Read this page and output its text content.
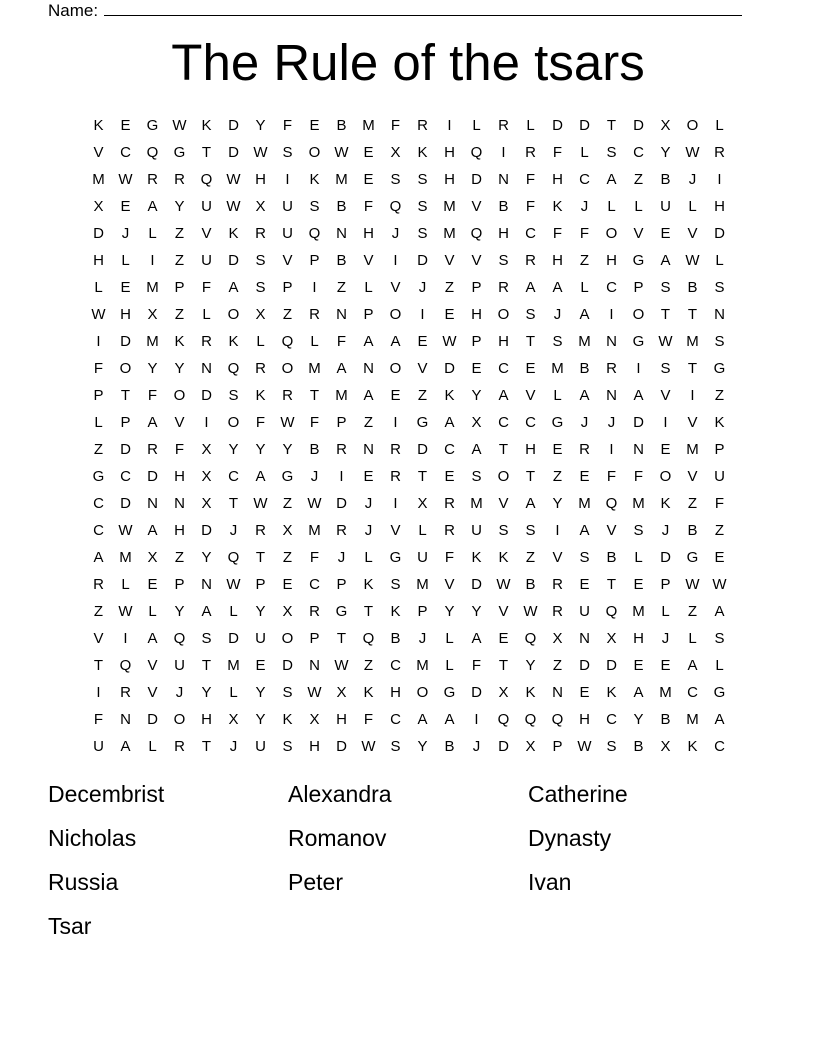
Name:
The Rule of the tsars
K	E	G W K	D	Y	F	E	B	M	F	R	I	L	R	L	D	D	T	D	X	O	L
V	C	Q	G	T	D W S	O W E	X	K	H	Q	I	R	F	L	S	C	Y W R
M W R	R	Q W H	I	K	M	E	S	S	H	D	N	F	H	C	A	Z	B	J	I
X	E	A	Y	U W X	U	S	B	F	Q	S	M	V	B	F	K	J	L	L	U	L	H
D	J	L	Z	V	K	R	U	Q	N	H	J	S	M Q	H	C	F	F	O	V	E	V	D
H	L	I	Z	U	D	S	V	P	B	V	I	D	V	V	S	R	H	Z	H	G	A W	L
L	E	M	P	F	A	S	P	I	Z	L	V	J	Z	P	R	A	A	L	C	P	S	B	S
W H	X	Z	L	O	X	Z	R	N	P	O	I	E	H	O	S	J	A	I	O	T	T	N
I	D	M	K	R	K	L	Q	L	F	A	A	E W P	H	T	S	M	N	G W M	S
F	O	Y	Y	N	Q	R	O M	A	N	O	V	D	E	C	E	M	B	R	I	S	T	G
P	T	F	O	D	S	K	R	T	M	A	E	Z	K	Y	A	V	L	A	N	A	V	I	Z
L	P	A	V	I	O	F	W	F	P	Z	I	G	A	X	C	C	G	J	J	D	I	V	K
Z	D	R	F	X	Y	Y	Y	B	R	N	R	D	C	A	T	H	E	R	I	N	E	M	P
G	C	D	H	X	C	A	G	J	I	E	R	T	E	S	O	T	Z	E	F	F	O	V	U
C	D	N	N	X	T	W	Z	W D	J	I	X	R	M	V	A	Y	M Q M	K	Z	F
C W A	H	D	J	R	X	M	R	J	V	L	R	U	S	S	I	A	V	S	J	B	Z
A	M	X	Z	Y	Q	T	Z	F	J	L	G	U	F	K	K	Z	V	S	B	L	D	G	E
R	L	E	P	N W P	E	C	P	K	S	M	V	D W B	R	E	T	E	P W W
Z	W	L	Y	A	L	Y	X	R	G	T	K	P	Y	Y	V W R	U	Q M	L	Z	A
V	I	A	Q	S	D	U	O	P	T	Q	B	J	L	A	E	Q	X	N	X	H	J	L	S
T	Q	V	U	T	M	E	D	N W	Z	C	M	L	F	T	Y	Z	D	D	E	E	A	L
I	R	V	J	Y	L	Y	S W X	K	H	O	G	D	X	K	N	E	K	A	M	C	G
F	N	D	O	H	X	Y	K	X	H	F	C	A	A	I	Q	Q	Q	H	C	Y	B	M	A
U	A	L	R	T	J	U	S	H	D W S	Y	B	J	D	X	P W S	B	X	K	C
Decembrist	Alexandra	Catherine
Nicholas	Romanov	Dynasty
Russia	Peter	Ivan
Tsar
